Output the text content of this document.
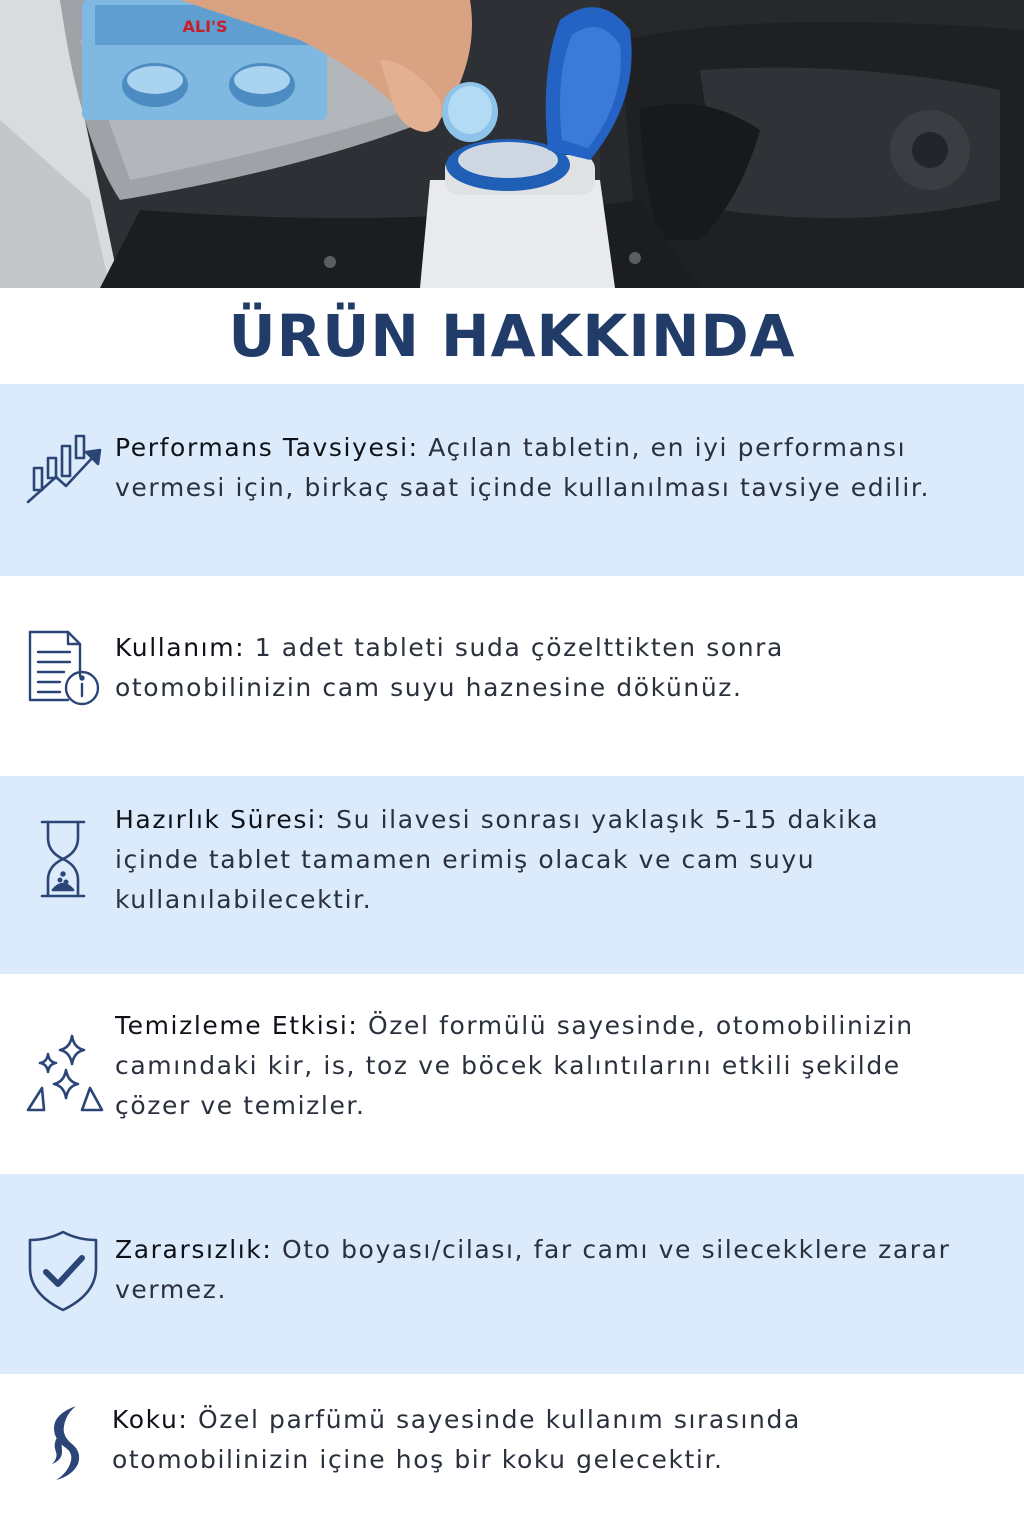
ALI'S
ÜRÜN HAKKINDA
Performans Tavsiyesi: Açılan tabletin, en iyi performansı vermesi için, birkaç saat içinde kullanılması tavsiye edilir.
Kullanım: 1 adet tableti suda çözelttikten sonra otomobilinizin cam suyu haznesine dökünüz.
Hazırlık Süresi: Su ilavesi sonrası yaklaşık 5-15 dakika içinde tablet tamamen erimiş olacak ve cam suyu kullanılabilecektir.
Temizleme Etkisi: Özel formülü sayesinde, otomobilinizin camındaki kir, is, toz ve böcek kalıntılarını etkili şekilde çözer ve temizler.
Zararsızlık: Oto boyası/cilası, far camı ve silecekklere zarar vermez.
Koku: Özel parfümü sayesinde kullanım sırasında otomobilinizin içine hoş bir koku gelecektir.
